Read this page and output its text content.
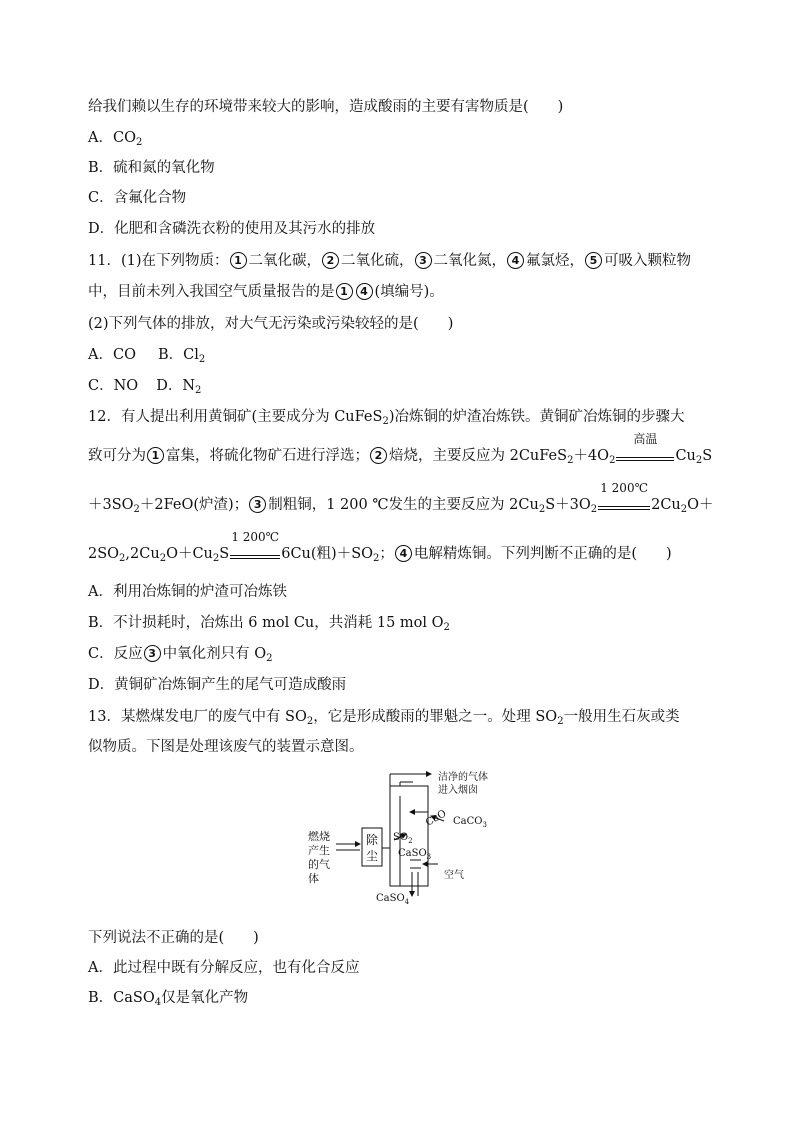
给我们赖以生存的环境带来较大的影响，造成酸雨的主要有害物质是(　　)
A．$CO_2$
B．硫和氮的氧化物
C．含氟化合物
D．化肥和含磷洗衣粉的使用及其污水的排放
11．(1)在下列物质： 1 二氧化碳， 2 二氧化硫， 3 二氧化氮， 4 氟氯烃， 5 可吸入颗粒物
中，目前未列入我国空气质量报告的是 1 4 (填编号)。
(2)下列气体的排放，对大气无污染或污染较轻的是(　　)
A．CO B．$Cl_2$
C．NO D．$N_2$
12．有人提出利用黄铜矿(主要成分为 CuFeS$_2$)冶炼铜的炉渣冶炼铁。黄铜矿冶炼铜的步骤大
致可分为 1 富集，将硫化物矿石进行浮选； 2 焙烧，主要反应为 $2CuFeS_2+4O_2$
高温
$Cu_2S$
$+3SO_2+2FeO$(炉渣)； 3 制粗铜，1 200 ℃发生的主要反应为 $2Cu_2S+3O_2$
1 200℃
$2Cu_2O+$
$2SO_2,2Cu_2O+Cu_2S$
1 200℃
6Cu(粗)$+SO_2$； 4 电解精炼铜。下列判断不正确的是(　　)
A．利用冶炼铜的炉渣可冶炼铁
B．不计损耗时，冶炼出 6 mol Cu，共消耗 15 mol $O_2$
C．反应 3 中氧化剂只有 $O_2$
D．黄铜矿冶炼铜产生的尾气可造成酸雨
13．某燃煤发电厂的废气中有 $SO_2$，它是形成酸雨的罪魁之一。处理 $SO_2$一般用生石灰或类
似物质。下图是处理该废气的装置示意图。
除
尘
燃烧
产生
的气
体
洁净的气体
进入烟囱
CaO CaCO$_3$
$SO_2$
CaSO$_3$
空气
CaSO$_4$
下列说法不正确的是(　　)
A．此过程中既有分解反应，也有化合反应
B．CaSO$_4$仅是氧化产物
